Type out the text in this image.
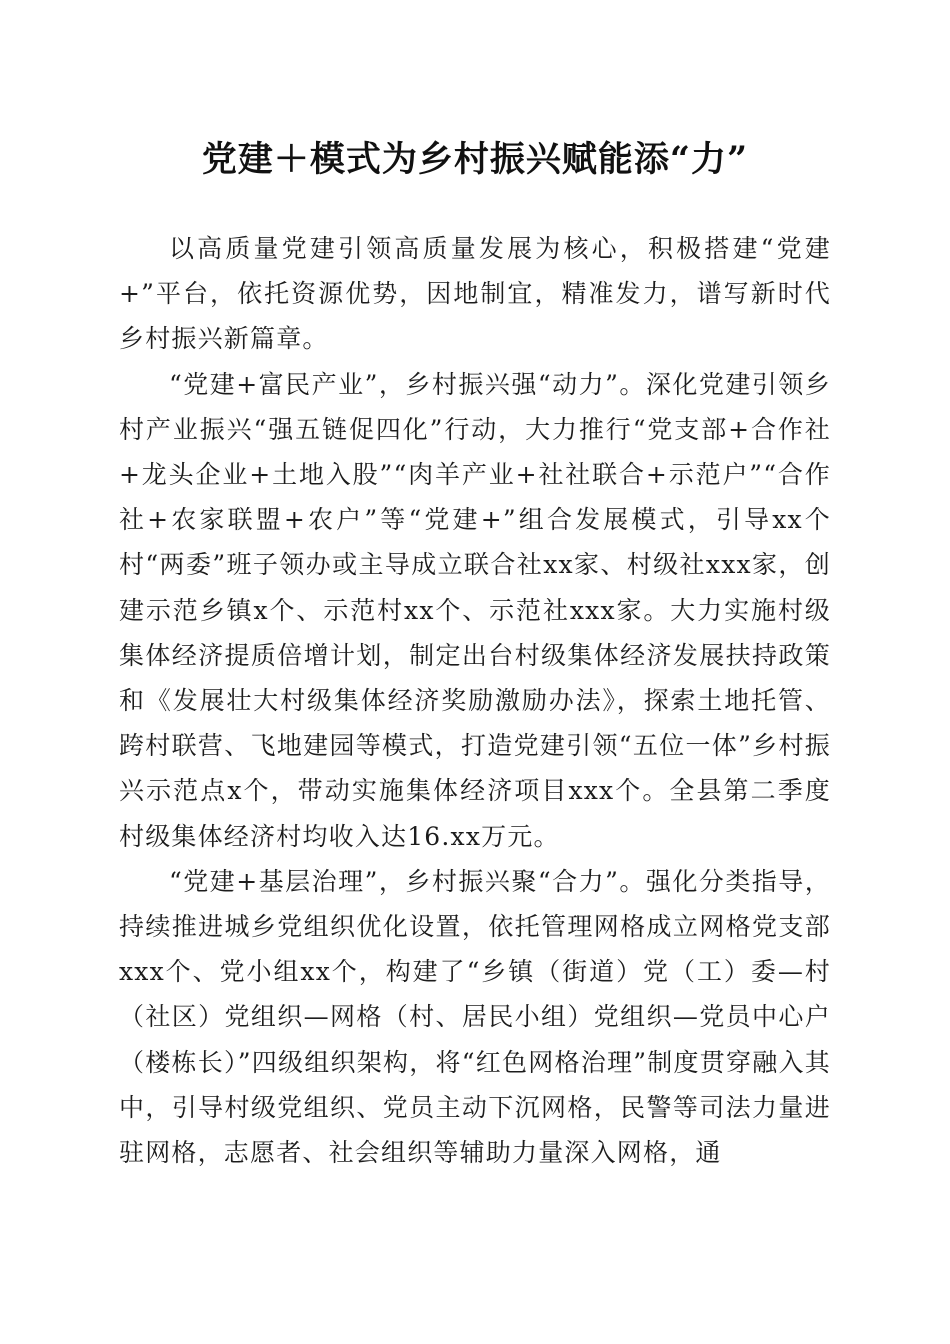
党建＋模式为乡村振兴赋能添“力”

以高质量党建引领高质量发展为核心，积极搭建“党建+”平台，依托资源优势，因地制宜，精准发力，谱写新时代乡村振兴新篇章。

“党建+富民产业”，乡村振兴强“动力”。深化党建引领乡村产业振兴“强五链促四化”行动，大力推行“党支部+合作社+龙头企业+土地入股”“肉羊产业+社社联合+示范户”“合作社+农家联盟+农户”等“党建+”组合发展模式，引导xx个村“两委”班子领办或主导成立联合社xx家、村级社xxx家，创建示范乡镇x个、示范村xx个、示范社xxx家。大力实施村级集体经济提质倍增计划，制定出台村级集体经济发展扶持政策和《发展壮大村级集体经济奖励激励办法》，探索土地托管、跨村联营、飞地建园等模式，打造党建引领“五位一体”乡村振兴示范点x个，带动实施集体经济项目xxx个。全县第二季度村级集体经济村均收入达16.xx万元。

“党建+基层治理”，乡村振兴聚“合力”。强化分类指导，持续推进城乡党组织优化设置，依托管理网格成立网格党支部xxx个、党小组xx个，构建了“乡镇（街道）党（工）委—村（社区）党组织—网格（村、居民小组）党组织—党员中心户（楼栋长）”四级组织架构，将“红色网格治理”制度贯穿融入其中，引导村级党组织、党员主动下沉网格，民警等司法力量进驻网格，志愿者、社会组织等辅助力量深入网格，通
